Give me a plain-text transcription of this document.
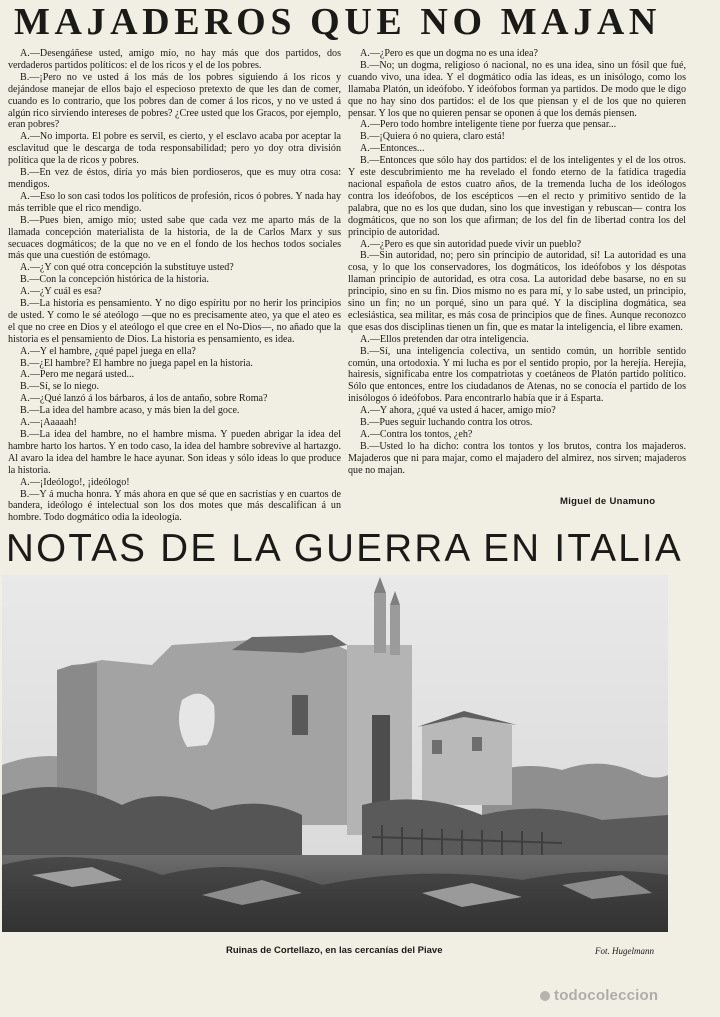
MAJADEROS QUE NO MAJAN

A.—Desengáñese usted, amigo mío, no hay más que dos partidos, dos verdaderos partidos políticos: el de los ricos y el de los pobres.

B.—¡Pero no ve usted á los más de los pobres siguiendo á los ricos y dejándose manejar de ellos bajo el especioso pretexto de que les dan de comer, cuando es lo contrario, que los pobres dan de comer á los ricos, y no ve usted á algún rico sirviendo intereses de pobres? ¿Cree usted que los Gracos, por ejemplo, eran pobres?

A.—No importa. El pobre es servil, es cierto, y el esclavo acaba por aceptar la esclavitud que le descarga de toda responsabilidad; pero yo doy otra división política que la de ricos y pobres.

B.—En vez de éstos, diría yo más bien pordioseros, que es muy otra cosa: mendigos.

A.—Eso lo son casi todos los políticos de profesión, ricos ó pobres. Y nada hay más terrible que el rico mendigo.

B.—Pues bien, amigo mío; usted sabe que cada vez me aparto más de la llamada concepción materialista de la historia, de la de Carlos Marx y sus secuaces dogmáticos; de la que no ve en el fondo de los hechos todos sociales más que una cuestión de estómago.

A.—¿Y con qué otra concepción la substituye usted?

B.—Con la concepción histórica de la historia.

A.—¿Y cuál es esa?

B.—La historia es pensamiento. Y no digo espíritu por no herir los principios de usted. Y como le sé ateólogo —que no es precisamente ateo, ya que el ateo es el que no cree en Dios y el ateólogo el que cree en el No-Dios—, no añado que la historia es el pensamiento de Dios. La historia es pensamiento, es idea.

A.—Y el hambre, ¿qué papel juega en ella?

B.—¿El hambre? El hambre no juega papel en la historia.

A.—Pero me negará usted...

B.—Sí, se lo niego.

A.—¿Qué lanzó á los bárbaros, á los de antaño, sobre Roma?

B.—La idea del hambre acaso, y más bien la del goce.

A.—¡Aaaaah!

B.—La idea del hambre, no el hambre misma. Y pueden abrigar la idea del hambre harto los hartos. Y en todo caso, la idea del hambre sobrevive al hartazgo. Al avaro la idea del hambre le hace ayunar. Son ideas y sólo ideas lo que produce la historia.

A.—¡Ideólogo!, ¡ideólogo!

B.—Y á mucha honra. Y más ahora en que sé que en sacristías y en cuartos de bandera, ideólogo é intelectual son los dos motes que más descalifican á un hombre. Todo dogmático odia la ideología.

A.—¿Pero es que un dogma no es una idea?

B.—No; un dogma, religioso ó nacional, no es una idea, sino un fósil que fué, cuando vivo, una idea. Y el dogmático odia las ideas, es un inisólogo, como los llamaba Platón, un ideófobo. Y ideófobos forman ya partidos. De modo que le digo que no hay sino dos partidos: el de los que piensan y el de los que no quieren pensar. Y los que no quieren pensar se oponen á que los demás piensen.

A.—Pero todo hombre inteligente tiene por fuerza que pensar...

B.—¡Quiera ó no quiera, claro está!

A.—Entonces...

B.—Entonces que sólo hay dos partidos: el de los inteligentes y el de los otros. Y este descubrimiento me ha revelado el fondo eterno de la fatídica tragedia nacional española de estos cuatro años, de la tremenda lucha de los ideólogos contra los ideófobos, de los escépticos —en el recto y primitivo sentido de la palabra, que no es los que dudan, sino los que investigan y rebuscan— contra los dogmáticos, que no son los que afirman; de los del fin de libertad contra los del principio de autoridad.

A.—¿Pero es que sin autoridad puede vivir un pueblo?

B.—Sin autoridad, no; pero sin principio de autoridad, sí! La autoridad es una cosa, y lo que los conservadores, los dogmáticos, los ideófobos y los déspotas llaman principio de autoridad, es otra cosa. La autoridad debe basarse, no en su principio, sino en su fin. Dios mismo no es para mí, y lo sabe usted, un principio, sino un fin; no un porqué, sino un para qué. Y la disciplina dogmática, sea eclesiástica, sea militar, es más cosa de principios que de fines. Aunque reconozco que esas dos disciplinas tienen un fin, que es matar la inteligencia, el libre examen.

A.—Ellos pretenden dar otra inteligencia.

B.—Sí, una inteligencia colectiva, un sentido común, un horrible sentido común, una ortodoxia. Y mi lucha es por el sentido propio, por la herejía. Herejía, hairesis, significaba entre los compatriotas y coetáneos de Platón partido político. Sólo que entonces, entre los ciudadanos de Atenas, no se conocía el partido de los inisólogos ó ideófobos. Para encontrarlo había que ir á Esparta.

A.—Y ahora, ¿qué va usted á hacer, amigo mío?

B.—Pues seguir luchando contra los otros.

A.—Contra los tontos, ¿eh?

B.—Usted lo ha dicho: contra los tontos y los brutos, contra los majaderos. Majaderos que ni para majar, como el majadero del almirez, nos sirven; majaderos que no majan.

Miguel de Unamuno
NOTAS DE LA GUERRA EN ITALIA
Ruinas de Cortellazo, en las cercanías del Piave	Fot. Hugelmann
todocoleccion
